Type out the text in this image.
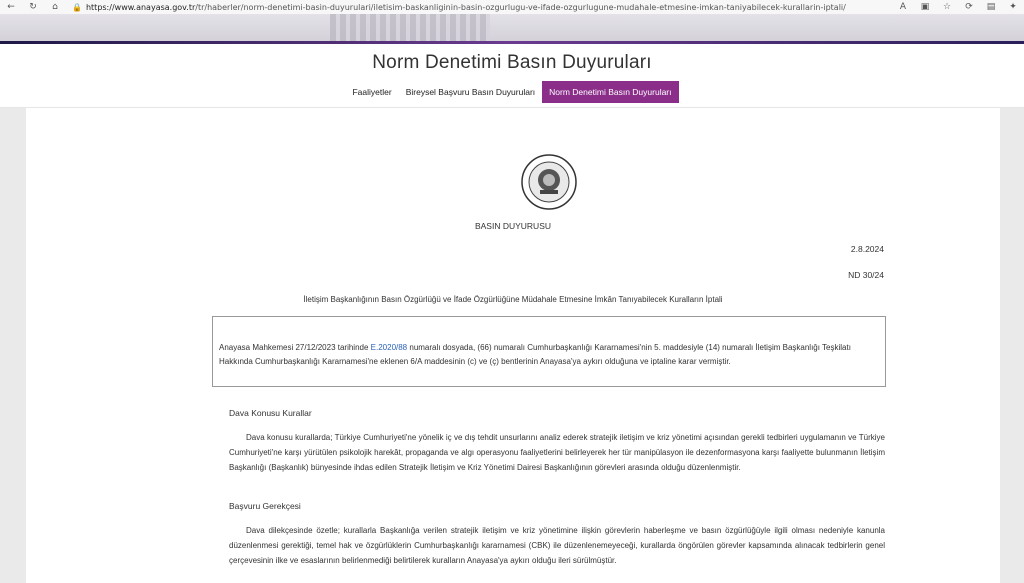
←	↻	⌂	🔒 https://www.anayasa.gov.tr /tr/haberler/norm-denetimi-basin-duyurulari/iletisim-baskanliginin-basin-ozgurlugu-ve-ifade-ozgurlugune-mudahale-etmesine-imkan-taniyabilecek-kurallarin-iptali/	A	▣	☆	⟳	▤	✦
Norm Denetimi Basın Duyuruları
Faaliyetler	Bireysel Başvuru Basın Duyuruları	Norm Denetimi Basın Duyuruları
BASIN DUYURUSU
2.8.2024
ND 30/24
İletişim Başkanlığının Basın Özgürlüğü ve İfade Özgürlüğüne Müdahale Etmesine İmkân Tanıyabilecek Kuralların İptali
Anayasa Mahkemesi 27/12/2023 tarihinde E.2020/88 numaralı dosyada, (66) numaralı Cumhurbaşkanlığı Kararnamesi'nin 5. maddesiyle (14) numaralı İletişim Başkanlığı Teşkilatı Hakkında Cumhurbaşkanlığı Kararnamesi'ne eklenen 6/A maddesinin (c) ve (ç) bentlerinin Anayasa'ya aykırı olduğuna ve iptaline karar vermiştir.
Dava Konusu Kurallar
Dava konusu kurallarda; Türkiye Cumhuriyeti'ne yönelik iç ve dış tehdit unsurlarını analiz ederek stratejik iletişim ve kriz yönetimi açısından gerekli tedbirleri uygulamanın ve Türkiye Cumhuriyeti'ne karşı yürütülen psikolojik harekât, propaganda ve algı operasyonu faaliyetlerini belirleyerek her tür manipülasyon ile dezenformasyona karşı faaliyette bulunmanın İletişim Başkanlığı (Başkanlık) bünyesinde ihdas edilen Stratejik İletişim ve Kriz Yönetimi Dairesi Başkanlığının görevleri arasında olduğu düzenlenmiştir.
Başvuru Gerekçesi
Dava dilekçesinde özetle; kurallarla Başkanlığa verilen stratejik iletişim ve kriz yönetimine ilişkin görevlerin haberleşme ve basın özgürlüğüyle ilgili olması nedeniyle kanunla düzenlenmesi gerektiği, temel hak ve özgürlüklerin Cumhurbaşkanlığı kararnamesi (CBK) ile düzenlenemeyeceği, kurallarda öngörülen görevler kapsamında alınacak tedbirlerin genel çerçevesinin ilke ve esaslarının belirlenmediği belirtilerek kuralların Anayasa'ya aykırı olduğu ileri sürülmüştür.
